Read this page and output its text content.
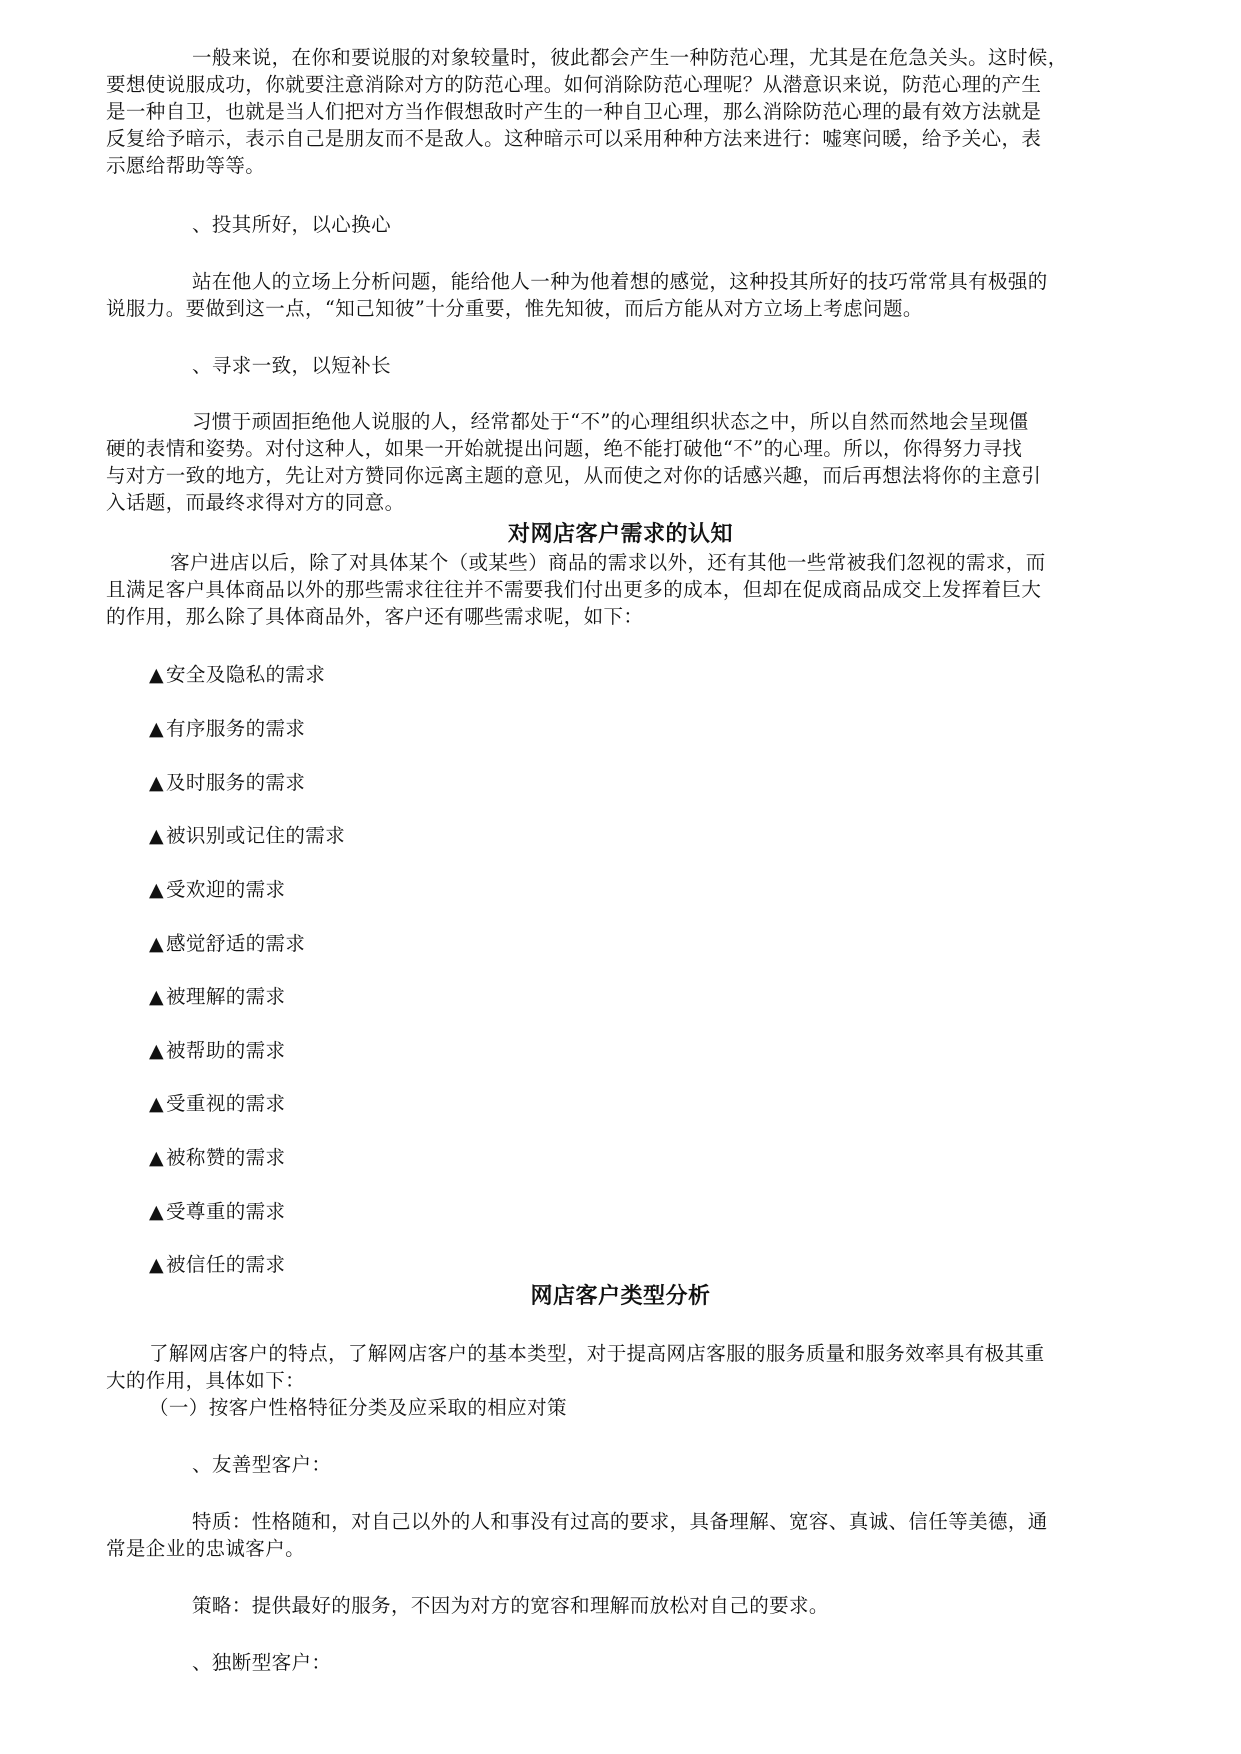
一般来说，在你和要说服的对象较量时，彼此都会产生一种防范心理，尤其是在危急关头。这时候，
要想使说服成功，你就要注意消除对方的防范心理。如何消除防范心理呢？从潜意识来说，防范心理的产生
是一种自卫，也就是当人们把对方当作假想敌时产生的一种自卫心理，那么消除防范心理的最有效方法就是
反复给予暗示，表示自己是朋友而不是敌人。这种暗示可以采用种种方法来进行：嘘寒问暖，给予关心，表
示愿给帮助等等。
、投其所好，以心换心
站在他人的立场上分析问题，能给他人一种为他着想的感觉，这种投其所好的技巧常常具有极强的
说服力。要做到这一点，“知己知彼”十分重要，惟先知彼，而后方能从对方立场上考虑问题。
、寻求一致，以短补长
习惯于顽固拒绝他人说服的人，经常都处于“不”的心理组织状态之中，所以自然而然地会呈现僵
硬的表情和姿势。对付这种人，如果一开始就提出问题，绝不能打破他“不”的心理。所以，你得努力寻找
与对方一致的地方，先让对方赞同你远离主题的意见，从而使之对你的话感兴趣，而后再想法将你的主意引
入话题，而最终求得对方的同意。
对网店客户需求的认知
客户进店以后，除了对具体某个（或某些）商品的需求以外，还有其他一些常被我们忽视的需求，而
且满足客户具体商品以外的那些需求往往并不需要我们付出更多的成本，但却在促成商品成交上发挥着巨大
的作用，那么除了具体商品外，客户还有哪些需求呢，如下：
▲ 安全及隐私的需求
▲ 有序服务的需求
▲ 及时服务的需求
▲ 被识别或记住的需求
▲ 受欢迎的需求
▲ 感觉舒适的需求
▲ 被理解的需求
▲ 被帮助的需求
▲ 受重视的需求
▲ 被称赞的需求
▲ 受尊重的需求
▲ 被信任的需求
网店客户类型分析
了解网店客户的特点，了解网店客户的基本类型，对于提高网店客服的服务质量和服务效率具有极其重
大的作用，具体如下：
（一）按客户性格特征分类及应采取的相应对策
、友善型客户：
特质：性格随和，对自己以外的人和事没有过高的要求，具备理解、宽容、真诚、信任等美德，通
常是企业的忠诚客户。
策略：提供最好的服务，不因为对方的宽容和理解而放松对自己的要求。
、独断型客户：
